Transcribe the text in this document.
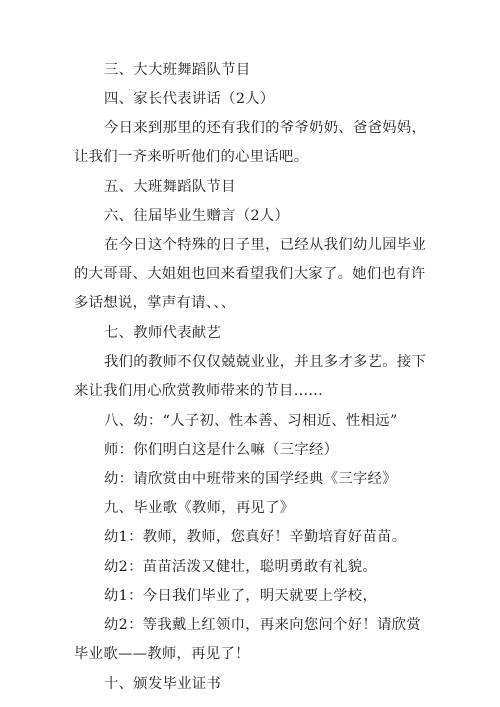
三、大大班舞蹈队节目

四、家长代表讲话（2人）

今日来到那里的还有我们的爷爷奶奶、爸爸妈妈，让我们一齐来听听他们的心里话吧。

五、大班舞蹈队节目

六、往届毕业生赠言（2人）

在今日这个特殊的日子里，已经从我们幼儿园毕业的大哥哥、大姐姐也回来看望我们大家了。她们也有许多话想说，掌声有请、、、

七、教师代表献艺

我们的教师不仅仅兢兢业业，并且多才多艺。接下来让我们用心欣赏教师带来的节目......

八、幼：“人子初、性本善、习相近、性相远”

师：你们明白这是什么嘛（三字经）

幼：请欣赏由中班带来的国学经典《三字经》

九、毕业歌《教师，再见了》

幼1：教师，教师，您真好！辛勤培育好苗苗。

幼2：苗苗活泼又健壮，聪明勇敢有礼貌。

幼1：今日我们毕业了，明天就要上学校，

幼2：等我戴上红领巾，再来向您问个好！请欣赏毕业歌——教师，再见了！

十、颁发毕业证书
